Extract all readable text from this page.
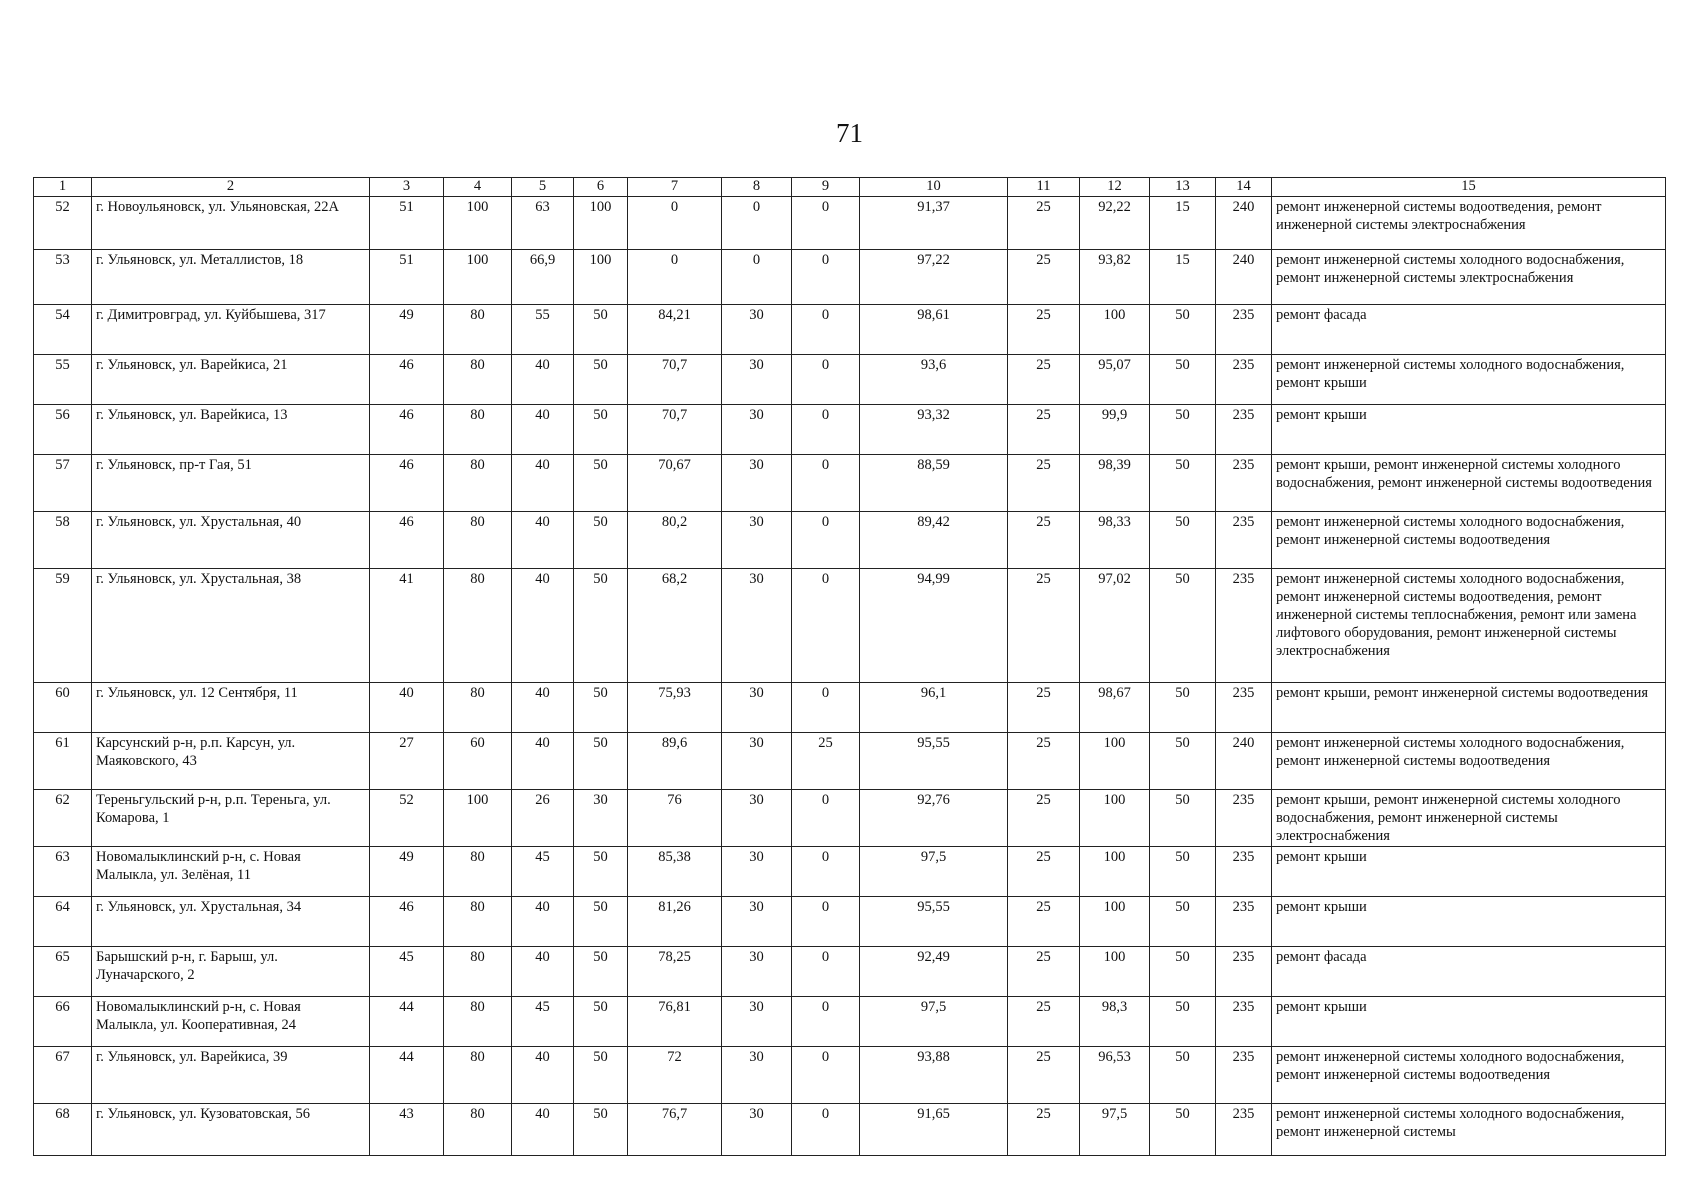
71
1	2	3	4	5	6	7	8	9	10	11	12	13	14	15
52	г. Новоульяновск, ул. Ульяновская, 22А	51	100	63	100	0	0	0	91,37	25	92,22	15	240	ремонт инженерной системы водоотведения, ремонт инженерной системы электроснабжения
53	г. Ульяновск, ул. Металлистов, 18	51	100	66,9	100	0	0	0	97,22	25	93,82	15	240	ремонт инженерной системы холодного водоснабжения, ремонт инженерной системы электроснабжения
54	г. Димитровград, ул. Куйбышева, 317	49	80	55	50	84,21	30	0	98,61	25	100	50	235	ремонт фасада
55	г. Ульяновск, ул. Варейкиса, 21	46	80	40	50	70,7	30	0	93,6	25	95,07	50	235	ремонт инженерной системы холодного водоснабжения, ремонт крыши
56	г. Ульяновск, ул. Варейкиса, 13	46	80	40	50	70,7	30	0	93,32	25	99,9	50	235	ремонт крыши
57	г. Ульяновск, пр-т Гая, 51	46	80	40	50	70,67	30	0	88,59	25	98,39	50	235	ремонт крыши, ремонт инженерной системы холодного водоснабжения, ремонт инженерной системы водоотведения
58	г. Ульяновск, ул. Хрустальная, 40	46	80	40	50	80,2	30	0	89,42	25	98,33	50	235	ремонт инженерной системы холодного водоснабжения, ремонт инженерной системы водоотведения
59	г. Ульяновск, ул. Хрустальная, 38	41	80	40	50	68,2	30	0	94,99	25	97,02	50	235	ремонт инженерной системы холодного водоснабжения, ремонт инженерной системы водоотведения, ремонт инженерной системы теплоснабжения, ремонт или замена лифтового оборудования, ремонт инженерной системы электроснабжения
60	г. Ульяновск, ул. 12 Сентября, 11	40	80	40	50	75,93	30	0	96,1	25	98,67	50	235	ремонт крыши, ремонт инженерной системы водоотведения
61	Карсунский р-н, р.п. Карсун, ул. Маяковского, 43	27	60	40	50	89,6	30	25	95,55	25	100	50	240	ремонт инженерной системы холодного водоснабжения, ремонт инженерной системы водоотведения
62	Тереньгульский р-н, р.п. Тереньга, ул. Комарова, 1	52	100	26	30	76	30	0	92,76	25	100	50	235	ремонт крыши, ремонт инженерной системы холодного водоснабжения, ремонт инженерной системы электроснабжения
63	Новомалыклинский р-н, с. Новая Малыкла, ул. Зелёная, 11	49	80	45	50	85,38	30	0	97,5	25	100	50	235	ремонт крыши
64	г. Ульяновск, ул. Хрустальная, 34	46	80	40	50	81,26	30	0	95,55	25	100	50	235	ремонт крыши
65	Барышский р-н, г. Барыш, ул. Луначарского, 2	45	80	40	50	78,25	30	0	92,49	25	100	50	235	ремонт фасада
66	Новомалыклинский р-н, с. Новая Малыкла, ул. Кооперативная, 24	44	80	45	50	76,81	30	0	97,5	25	98,3	50	235	ремонт крыши
67	г. Ульяновск, ул. Варейкиса, 39	44	80	40	50	72	30	0	93,88	25	96,53	50	235	ремонт инженерной системы холодного водоснабжения, ремонт инженерной системы водоотведения
68	г. Ульяновск, ул. Кузоватовская, 56	43	80	40	50	76,7	30	0	91,65	25	97,5	50	235	ремонт инженерной системы холодного водоснабжения, ремонт инженерной системы
